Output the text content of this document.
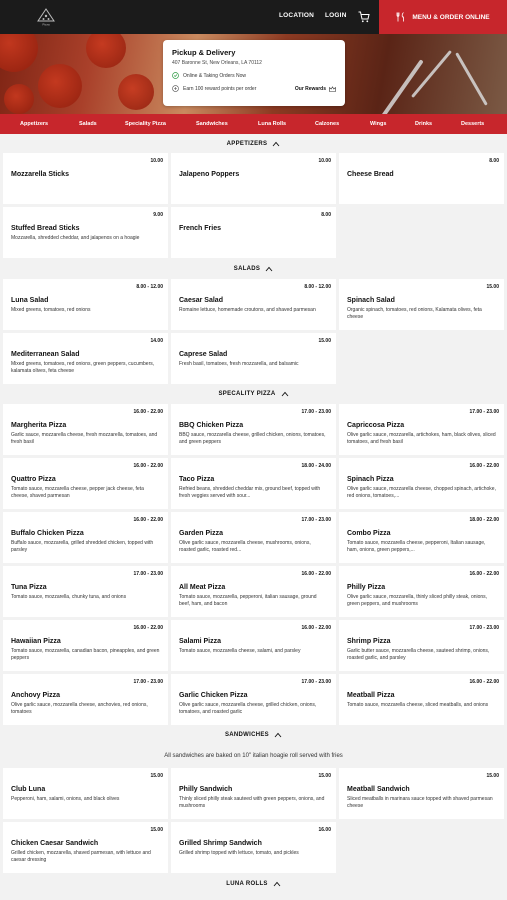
Pizza
LOCATION LOGIN	MENU & ORDER ONLINE
Pickup & Delivery
407 Baronne St, New Orleans, LA 70112
Online & Taking Orders Now
Earn 100 reward points per order	Our Rewards
Appetizers	Salads	Speciality Pizza	Sandwiches	Luna Rolls	Calzones	Wings	Drinks	Desserts
APPETIZERS
10.00
Mozzarella Sticks
10.00
Jalapeno Poppers
8.00
Cheese Bread
9.00
Stuffed Bread Sticks
Mozzarella, shredded cheddar, and jalapenos on a hoagie
8.00
French Fries
SALADS
8.00 - 12.00
Luna Salad
Mixed greens, tomatoes, red onions
8.00 - 12.00
Caesar Salad
Romaine lettuce, homemade croutons, and shaved parmesan
15.00
Spinach Salad
Organic spinach, tomatoes, red onions, Kalamata olives, feta cheese
14.00
Mediterranean Salad
Mixed greens, tomatoes, red onions, green peppers, cucumbers, kalamata olives, feta cheese
15.00
Caprese Salad
Fresh basil, tomatoes, fresh mozzarella, and balsamic
SPECALITY PIZZA
16.00 - 22.00
Margherita Pizza
Garlic sauce, mozzarella cheese, fresh mozzarella, tomatoes, and fresh basil
17.00 - 23.00
BBQ Chicken Pizza
BBQ sauce, mozzarella cheese, grilled chicken, onions, tomatoes, and green peppers
17.00 - 23.00
Capriccosa Pizza
Olive garlic sauce, mozzarella, artichokes, ham, black olives, sliced tomatoes, and fresh basil
16.00 - 22.00
Quattro Pizza
Tomato sauce, mozzarella cheese, pepper jack cheese, feta cheese, shaved parmesan
18.00 - 24.00
Taco Pizza
Refried beans, shredded cheddar mix, ground beef, topped with fresh veggies served with sour...
16.00 - 22.00
Spinach Pizza
Olive garlic sauce, mozzarella cheese, chopped spinach, artichoke, red onions, tomatoes,...
16.00 - 22.00
Buffalo Chicken Pizza
Buffalo sauce, mozzarella, grilled shredded chicken, topped with parsley
17.00 - 23.00
Garden Pizza
Olive garlic sauce, mozzarella cheese, mushrooms, onions, roasted garlic, roasted red...
18.00 - 22.00
Combo Pizza
Tomato sauce, mozzarella cheese, pepperoni, Italian sausage, ham, onions, green peppers,...
17.00 - 23.00
Tuna Pizza
Tomato sauce, mozzarella, chunky tuna, and onions
16.00 - 22.00
All Meat Pizza
Tomato sauce, mozzarella, pepperoni, italian sausage, ground beef, ham, and bacon
16.00 - 22.00
Philly Pizza
Olive garlic sauce, mozzarella, thinly sliced philly steak, onions, green peppers, and mushrooms
16.00 - 22.00
Hawaiian Pizza
Tomato sauce, mozzarella, canadian bacon, pineapples, and green peppers
16.00 - 22.00
Salami Pizza
Tomato sauce, mozzarella cheese, salami, and parsley
17.00 - 23.00
Shrimp Pizza
Garlic butter sauce, mozzarella cheese, sauteed shrimp, onions, roasted garlic, and parsley
17.00 - 23.00
Anchovy Pizza
Olive garlic sauce, mozzarella cheese, anchovies, red onions, tomatoes
17.00 - 23.00
Garlic Chicken Pizza
Olive garlic sauce, mozzarella cheese, grilled chicken, onions, tomatoes, and roasted garlic
16.00 - 22.00
Meatball Pizza
Tomato sauce, mozzarella cheese, sliced meatballs, and onions
SANDWICHES
All sandwiches are baked on 10" italian hoagie roll served with fries
15.00
Club Luna
Pepperoni, ham, salami, onions, and black olives
15.00
Philly Sandwich
Thinly sliced philly steak sauteed with green peppers, onions, and mushrooms
15.00
Meatball Sandwich
Sliced meatballs in marinara sauce topped with shaved parmesan cheese
15.00
Chicken Caesar Sandwich
Grilled chicken, mozzarella, shaved parmesan, with lettuce and caesar dressing
16.00
Grilled Shrimp Sandwich
Grilled shrimp topped with lettuce, tomato, and pickles
LUNA ROLLS
